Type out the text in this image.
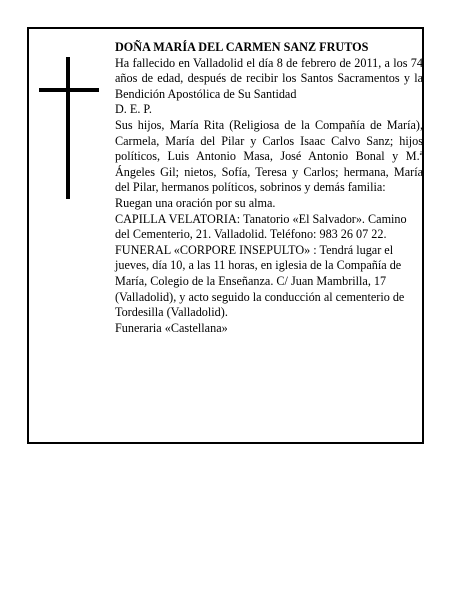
DOÑA MARÍA DEL CARMEN SANZ FRUTOS

Ha fallecido en Valladolid el día 8 de febrero de 2011, a los 74 años de edad, después de recibir los Santos Sacramentos y la Bendición Apostólica de Su Santidad

D. E. P.

Sus hijos, María Rita (Religiosa de la Compañía de María), Carmela, María del Pilar y Carlos Isaac Calvo Sanz; hijos políticos, Luis Antonio Masa, José Antonio Bonal y M.ª Ángeles Gil; nietos, Sofía, Teresa y Carlos; hermana, María del Pilar, hermanos políticos, sobrinos y demás familia:

Ruegan una oración por su alma.

CAPILLA VELATORIA: Tanatorio «El Salvador». Camino del Cementerio, 21. Valladolid. Teléfono: 983 26 07 22.

FUNERAL «CORPORE INSEPULTO» : Tendrá lugar el jueves, día 10, a las 11 horas, en iglesia de la Compañía de María, Colegio de la Enseñanza. C/ Juan Mambrilla, 17 (Valladolid), y acto seguido la conducción al cementerio de Tordesilla (Valladolid).

Funeraria «Castellana»
